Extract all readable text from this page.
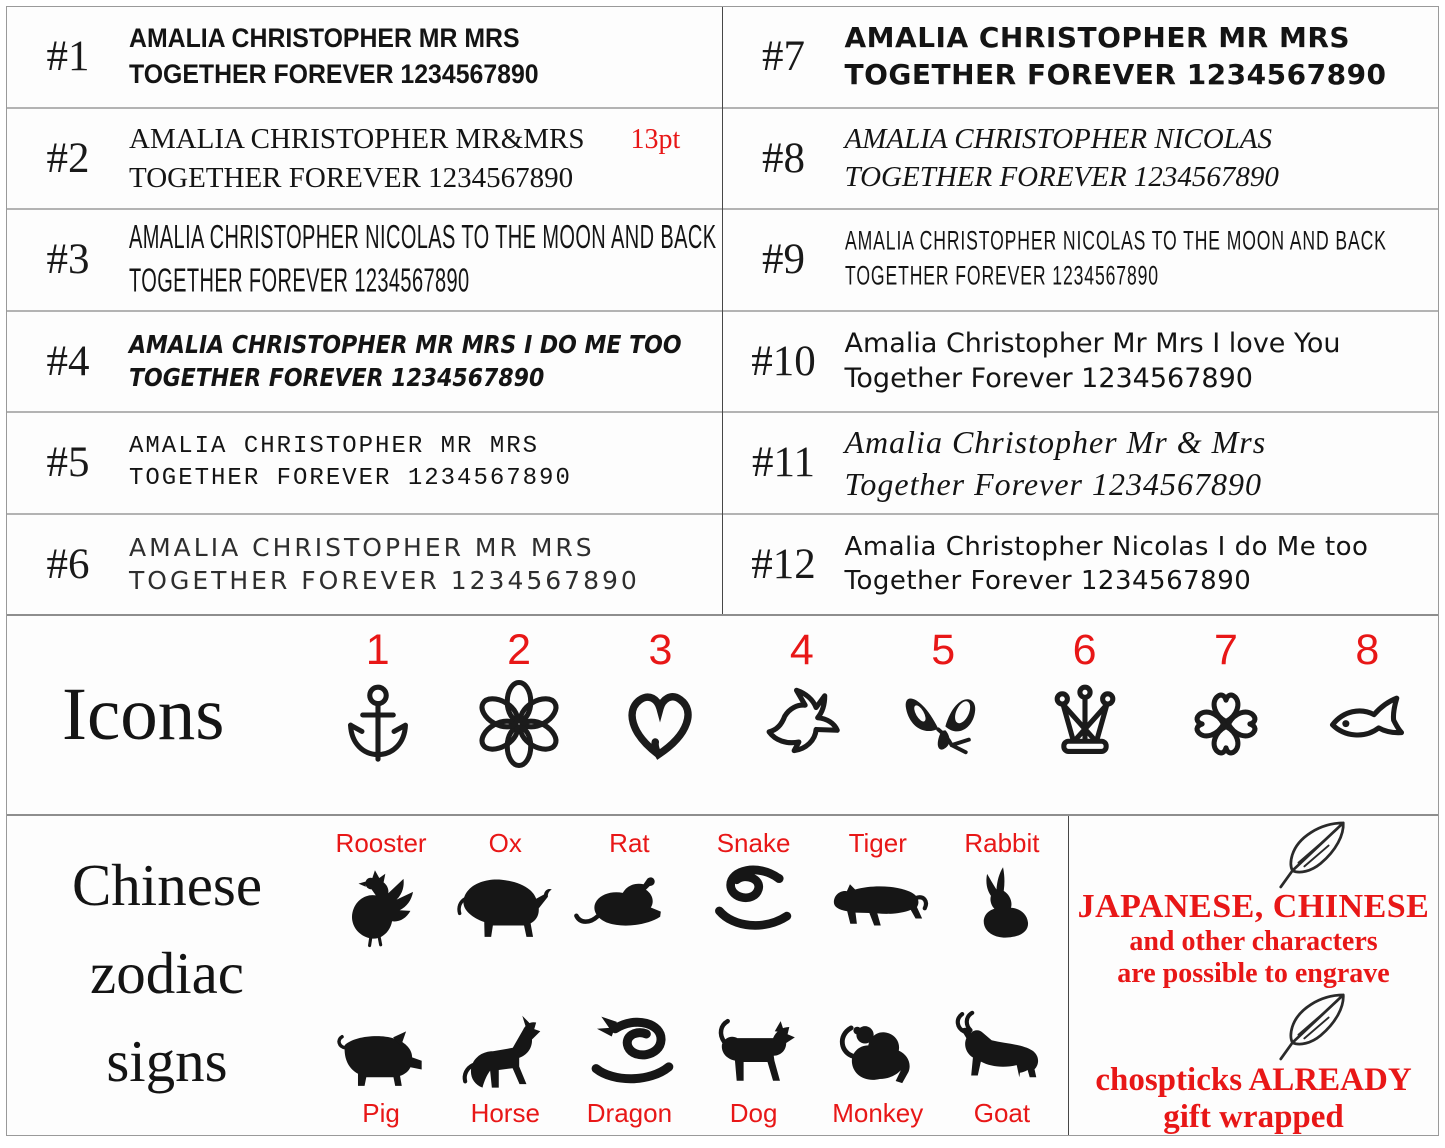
#1	AMALIA CHRISTOPHER MR MRS
TOGETHER FOREVER 1234567890
#2	AMALIA CHRISTOPHER MR&MRS 13pt
TOGETHER FOREVER 1234567890
#3	AMALIA CHRISTOPHER NICOLAS TO THE MOON AND BACK
TOGETHER FOREVER 1234567890
#4	AMALIA CHRISTOPHER MR MRS I DO ME TOO
TOGETHER FOREVER 1234567890
#5	AMALIA CHRISTOPHER MR MRS
TOGETHER FOREVER 1234567890
#6	AMALIA CHRISTOPHER MR MRS
TOGETHER FOREVER 1234567890
#7	AMALIA CHRISTOPHER MR MRS
TOGETHER FOREVER 1234567890
#8	AMALIA CHRISTOPHER NICOLAS
TOGETHER FOREVER 1234567890
#9	AMALIA CHRISTOPHER NICOLAS TO THE MOON AND BACK
TOGETHER FOREVER 1234567890
#10	Amalia Christopher Mr Mrs I love You
Together Forever 1234567890
#11 Amalia Christopher Mr & Mrs
Together Forever 1234567890
#12	Amalia Christopher Nicolas I do Me too
Together Forever 1234567890
Icons
1	2	3	4	5	6	7	8
Chinese
zodiac
signs
Rooster Ox	Rat	Snake Tiger Rabbit
Pig	Horse Dragon Dog Monkey Goat
JAPANESE, CHINESE
and other characters
are possible to engrave
chospticks ALREADY
gift wrapped
